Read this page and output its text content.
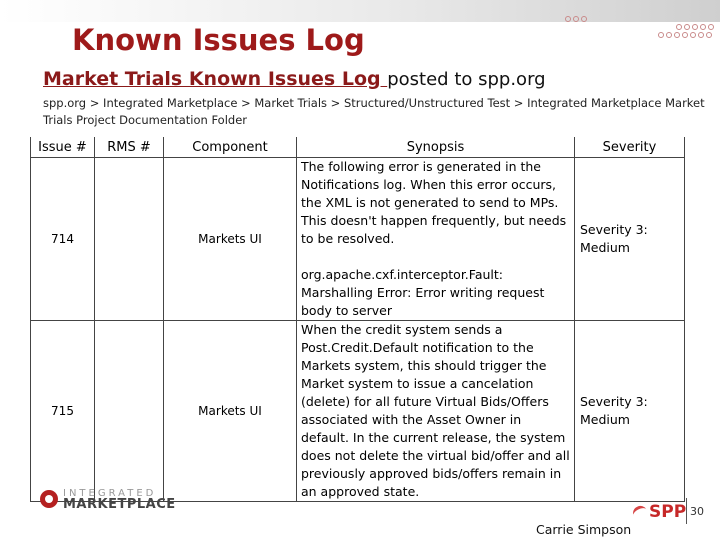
Known Issues Log
Market Trials Known Issues Log posted to spp.org
spp.org > Integrated Marketplace > Market Trials > Structured/Unstructured Test > Integrated Marketplace Market Trials Project Documentation Folder
Issue #	RMS #	Component	Synopsis	Severity
714		Markets UI	The following error is generated in the Notifications log. When this error occurs, the XML is not generated to send to MPs. This doesn't happen frequently, but needs to be resolved.
org.apache.cxf.interceptor.Fault: Marshalling Error: Error writing request body to server	Severity 3: Medium
715		Markets UI	When the credit system sends a Post.Credit.Default notification to the Markets system, this should trigger the Market system to issue a cancelation (delete) for all future Virtual Bids/Offers associated with the Asset Owner in default. In the current release, the system does not delete the virtual bid/offer and all previously approved bids/offers remain in an approved state.	Severity 3: Medium
INTEGRATED
MARKETPLACE
Carrie Simpson
SPP 30
